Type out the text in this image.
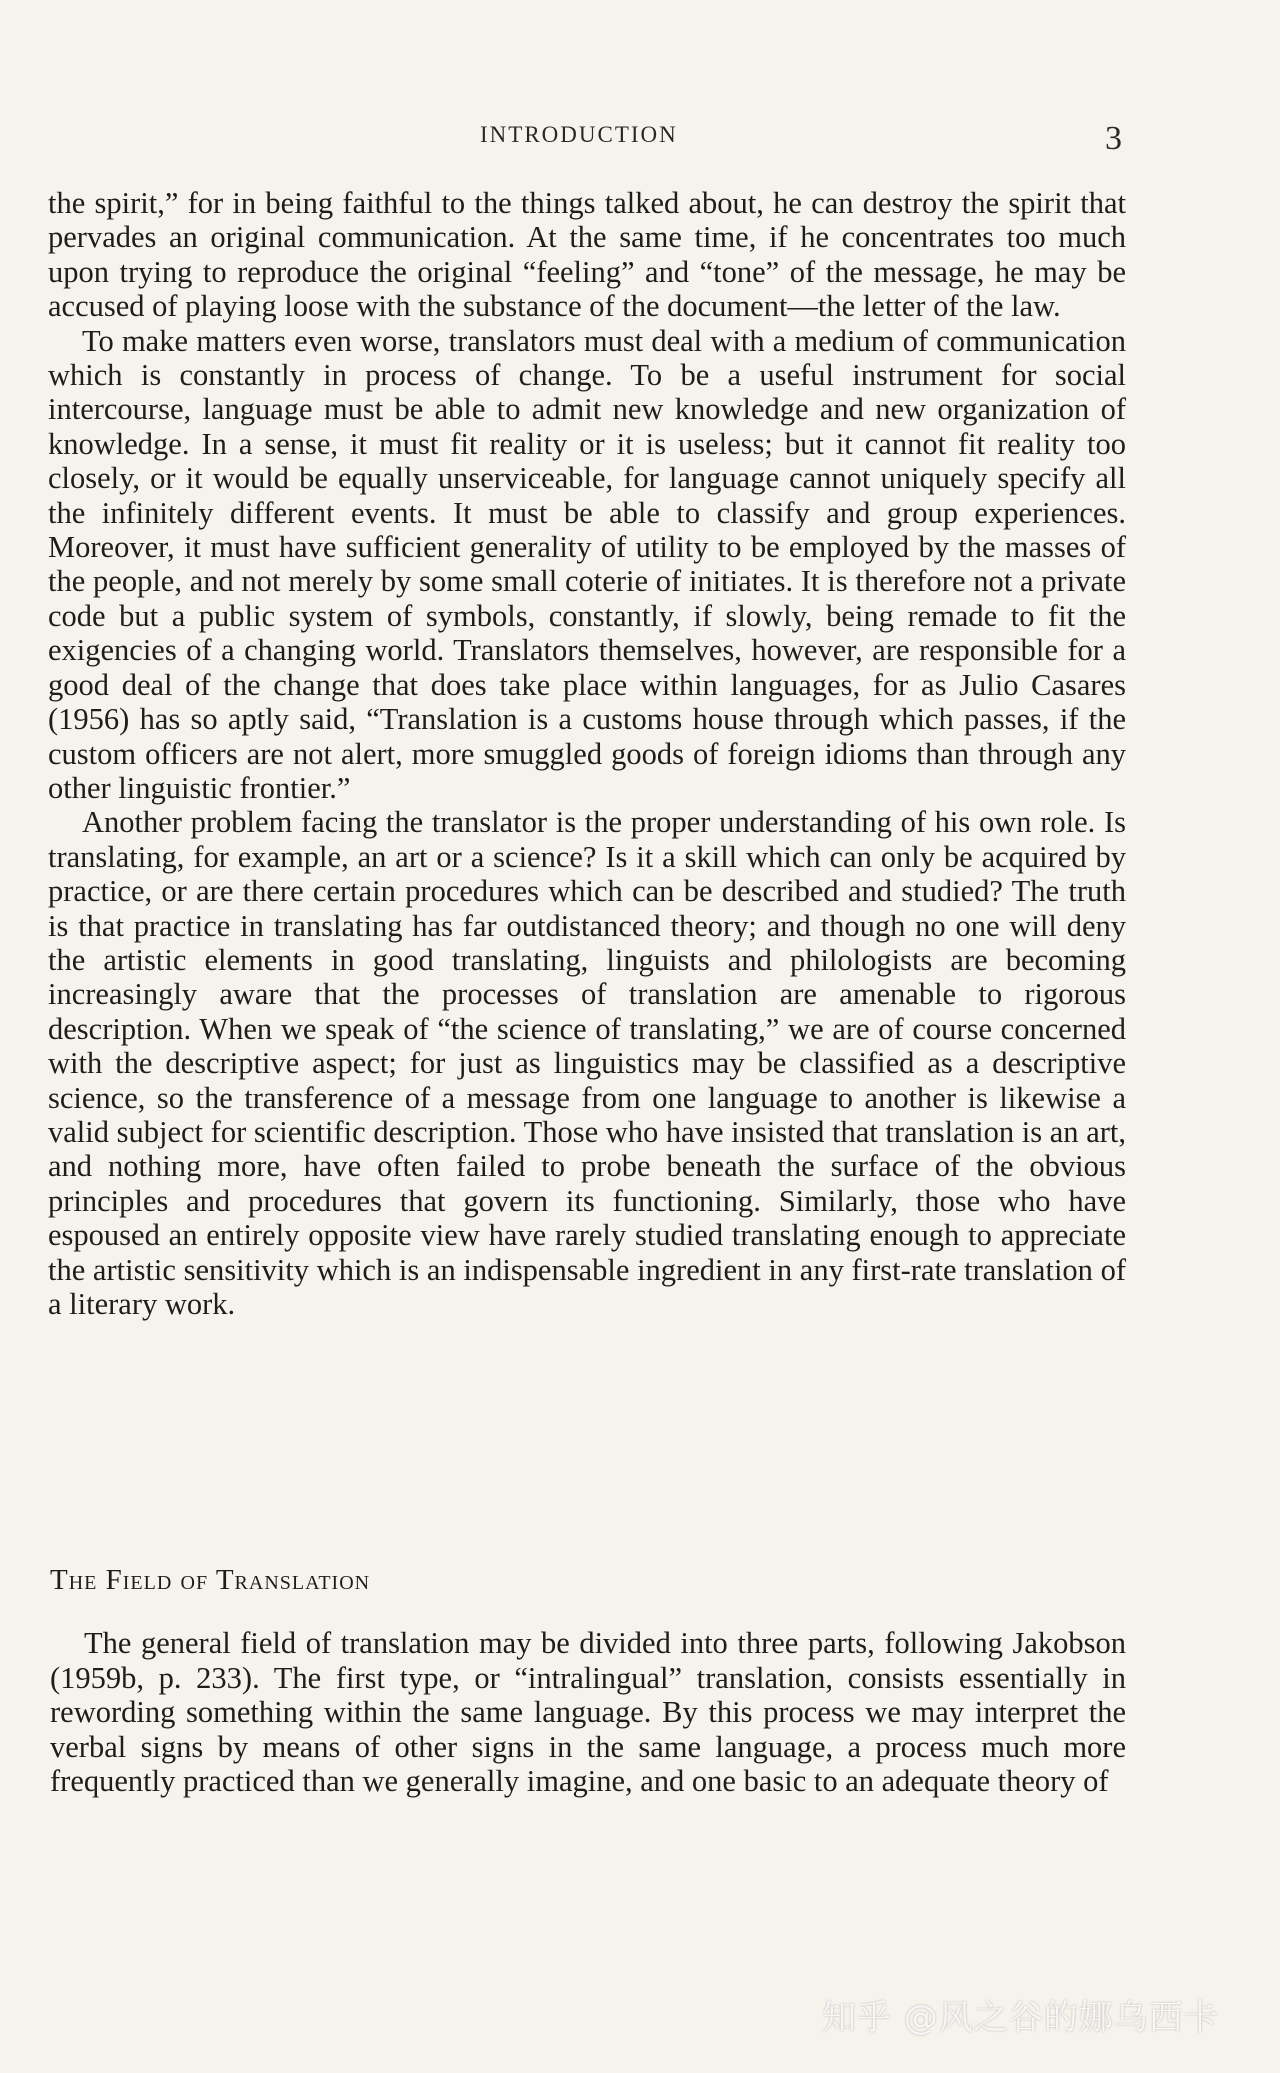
INTRODUCTION	3

the spirit,” for in being faithful to the things talked about, he can destroy the spirit that pervades an original communication. At the same time, if he concentrates too much upon trying to reproduce the original “feeling” and “tone” of the message, he may be accused of playing loose with the substance of the document—the letter of the law.

To make matters even worse, translators must deal with a medium of communication which is constantly in process of change. To be a useful instrument for social intercourse, language must be able to admit new knowledge and new organization of knowledge. In a sense, it must fit reality or it is useless; but it cannot fit reality too closely, or it would be equally unserviceable, for language cannot uniquely specify all the infinitely different events. It must be able to classify and group experiences. Moreover, it must have sufficient generality of utility to be employed by the masses of the people, and not merely by some small coterie of initiates. It is therefore not a private code but a public system of symbols, constantly, if slowly, being remade to fit the exigencies of a changing world. Translators themselves, however, are responsible for a good deal of the change that does take place within languages, for as Julio Casares (1956) has so aptly said, “Translation is a customs house through which passes, if the custom officers are not alert, more smuggled goods of foreign idioms than through any other linguistic frontier.”

Another problem facing the translator is the proper understanding of his own role. Is translating, for example, an art or a science? Is it a skill which can only be acquired by practice, or are there certain procedures which can be described and studied? The truth is that practice in translating has far outdistanced theory; and though no one will deny the artistic elements in good translating, linguists and philologists are becoming increasingly aware that the processes of translation are amenable to rigorous description. When we speak of “the science of translating,” we are of course concerned with the descriptive aspect; for just as linguistics may be classified as a descriptive science, so the transference of a message from one language to another is likewise a valid subject for scientific description. Those who have insisted that translation is an art, and nothing more, have often failed to probe beneath the surface of the obvious principles and procedures that govern its functioning. Similarly, those who have espoused an entirely opposite view have rarely studied translating enough to appreciate the artistic sensitivity which is an indispensable ingredient in any first-rate translation of a literary work.

The Field of Translation

The general field of translation may be divided into three parts, following Jakobson (1959b, p. 233). The first type, or “intralingual” translation, consists essentially in rewording something within the same language. By this process we may interpret the verbal signs by means of other signs in the same language, a process much more frequently practiced than we generally imagine, and one basic to an adequate theory of

知乎 @风之谷的娜乌西卡
